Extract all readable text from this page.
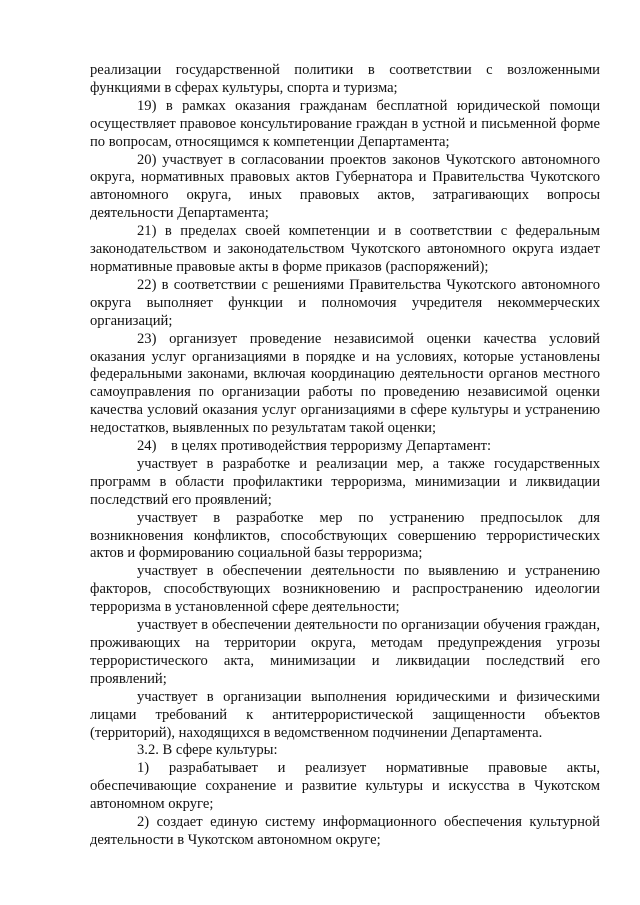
реализации государственной политики в соответствии с возложенными функциями в сферах культуры, спорта и туризма;

19) в рамках оказания гражданам бесплатной юридической помощи осуществляет правовое консультирование граждан в устной и письменной форме по вопросам, относящимся к компетенции Департамента;

20) участвует в согласовании проектов законов Чукотского автономного округа, нормативных правовых актов Губернатора и Правительства Чукотского автономного округа, иных правовых актов, затрагивающих вопросы деятельности Департамента;

21) в пределах своей компетенции и в соответствии с федеральным законодательством и законодательством Чукотского автономного округа издает нормативные правовые акты в форме приказов (распоряжений);

22) в соответствии с решениями Правительства Чукотского автономного округа выполняет функции и полномочия учредителя некоммерческих организаций;

23) организует проведение независимой оценки качества условий оказания услуг организациями в порядке и на условиях, которые установлены федеральными законами, включая координацию деятельности органов местного самоуправления по организации работы по проведению независимой оценки качества условий оказания услуг организациями в сфере культуры и устранению недостатков, выявленных по результатам такой оценки;

24)    в целях противодействия терроризму Департамент:

участвует в разработке и реализации мер, а также государственных программ в области профилактики терроризма, минимизации и ликвидации последствий его проявлений;

участвует в разработке мер по устранению предпосылок для возникновения конфликтов, способствующих совершению террористических актов и формированию социальной базы терроризма;

участвует в обеспечении деятельности по выявлению и устранению факторов, способствующих возникновению и распространению идеологии терроризма в установленной сфере деятельности;

участвует в обеспечении деятельности по организации обучения граждан, проживающих на территории округа, методам предупреждения угрозы террористического акта, минимизации и ликвидации последствий его проявлений;

участвует в организации выполнения юридическими и физическими лицами требований к антитеррористической защищенности объектов (территорий), находящихся в ведомственном подчинении Департамента.

3.2. В сфере культуры:

1) разрабатывает и реализует нормативные правовые акты, обеспечивающие сохранение и развитие культуры и искусства в Чукотском автономном округе;

2) создает единую систему информационного обеспечения культурной деятельности в Чукотском автономном округе;
